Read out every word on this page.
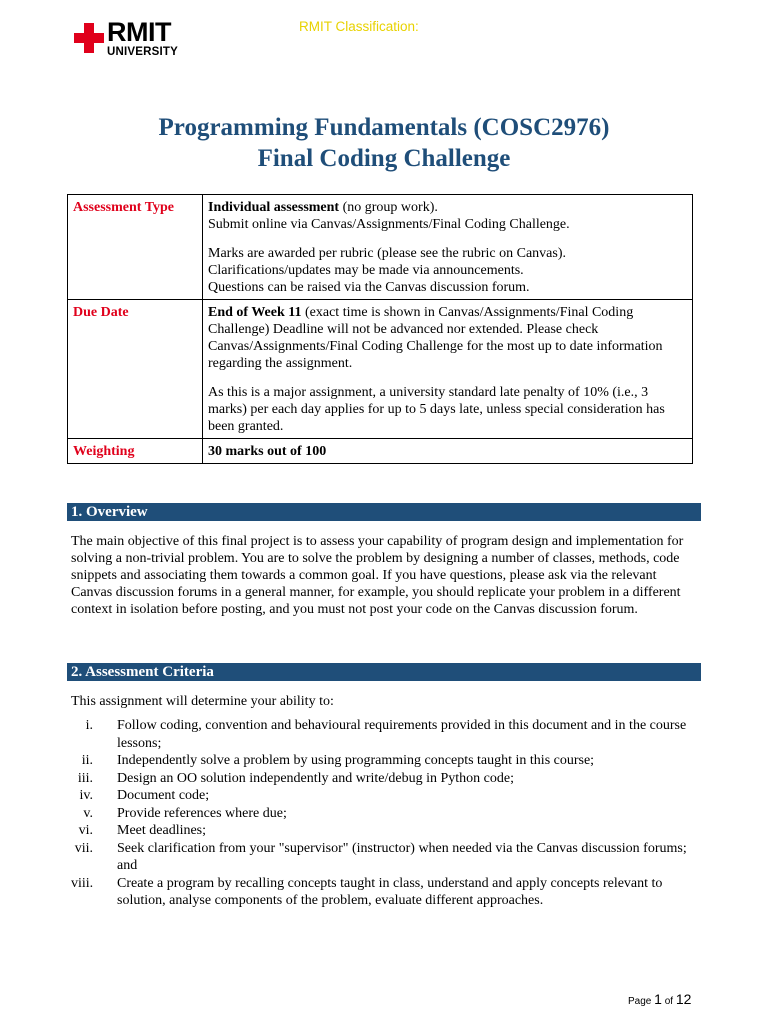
RMIT
UNIVERSITY
RMIT Classification:
Programming Fundamentals (COSC2976)
Final Coding Challenge
Assessment Type	Individual assessment (no group work).
Submit online via Canvas/Assignments/Final Coding Challenge.
Marks are awarded per rubric (please see the rubric on Canvas).
Clarifications/updates may be made via announcements.
Questions can be raised via the Canvas discussion forum.

Due Date	End of Week 11 (exact time is shown in Canvas/Assignments/Final Coding Challenge) Deadline will not be advanced nor extended. Please check Canvas/Assignments/Final Coding Challenge for the most up to date information regarding the assignment.
As this is a major assignment, a university standard late penalty of 10% (i.e., 3 marks) per each day applies for up to 5 days late, unless special consideration has been granted.

Weighting	30 marks out of 100
1. Overview

The main objective of this final project is to assess your capability of program design and implementation for solving a non-trivial problem. You are to solve the problem by designing a number of classes, methods, code snippets and associating them towards a common goal. If you have questions, please ask via the relevant Canvas discussion forums in a general manner, for example, you should replicate your problem in a different context in isolation before posting, and you must not post your code on the Canvas discussion forum.

2. Assessment Criteria

This assignment will determine your ability to:

i. Follow coding, convention and behavioural requirements provided in this document and in the course lessons;
ii. Independently solve a problem by using programming concepts taught in this course;
iii. Design an OO solution independently and write/debug in Python code;
iv. Document code;
v. Provide references where due;
vi. Meet deadlines;
vii. Seek clarification from your "supervisor" (instructor) when needed via the Canvas discussion forums; and
viii. Create a program by recalling concepts taught in class, understand and apply concepts relevant to solution, analyse components of the problem, evaluate different approaches.
Page 1 of 12
